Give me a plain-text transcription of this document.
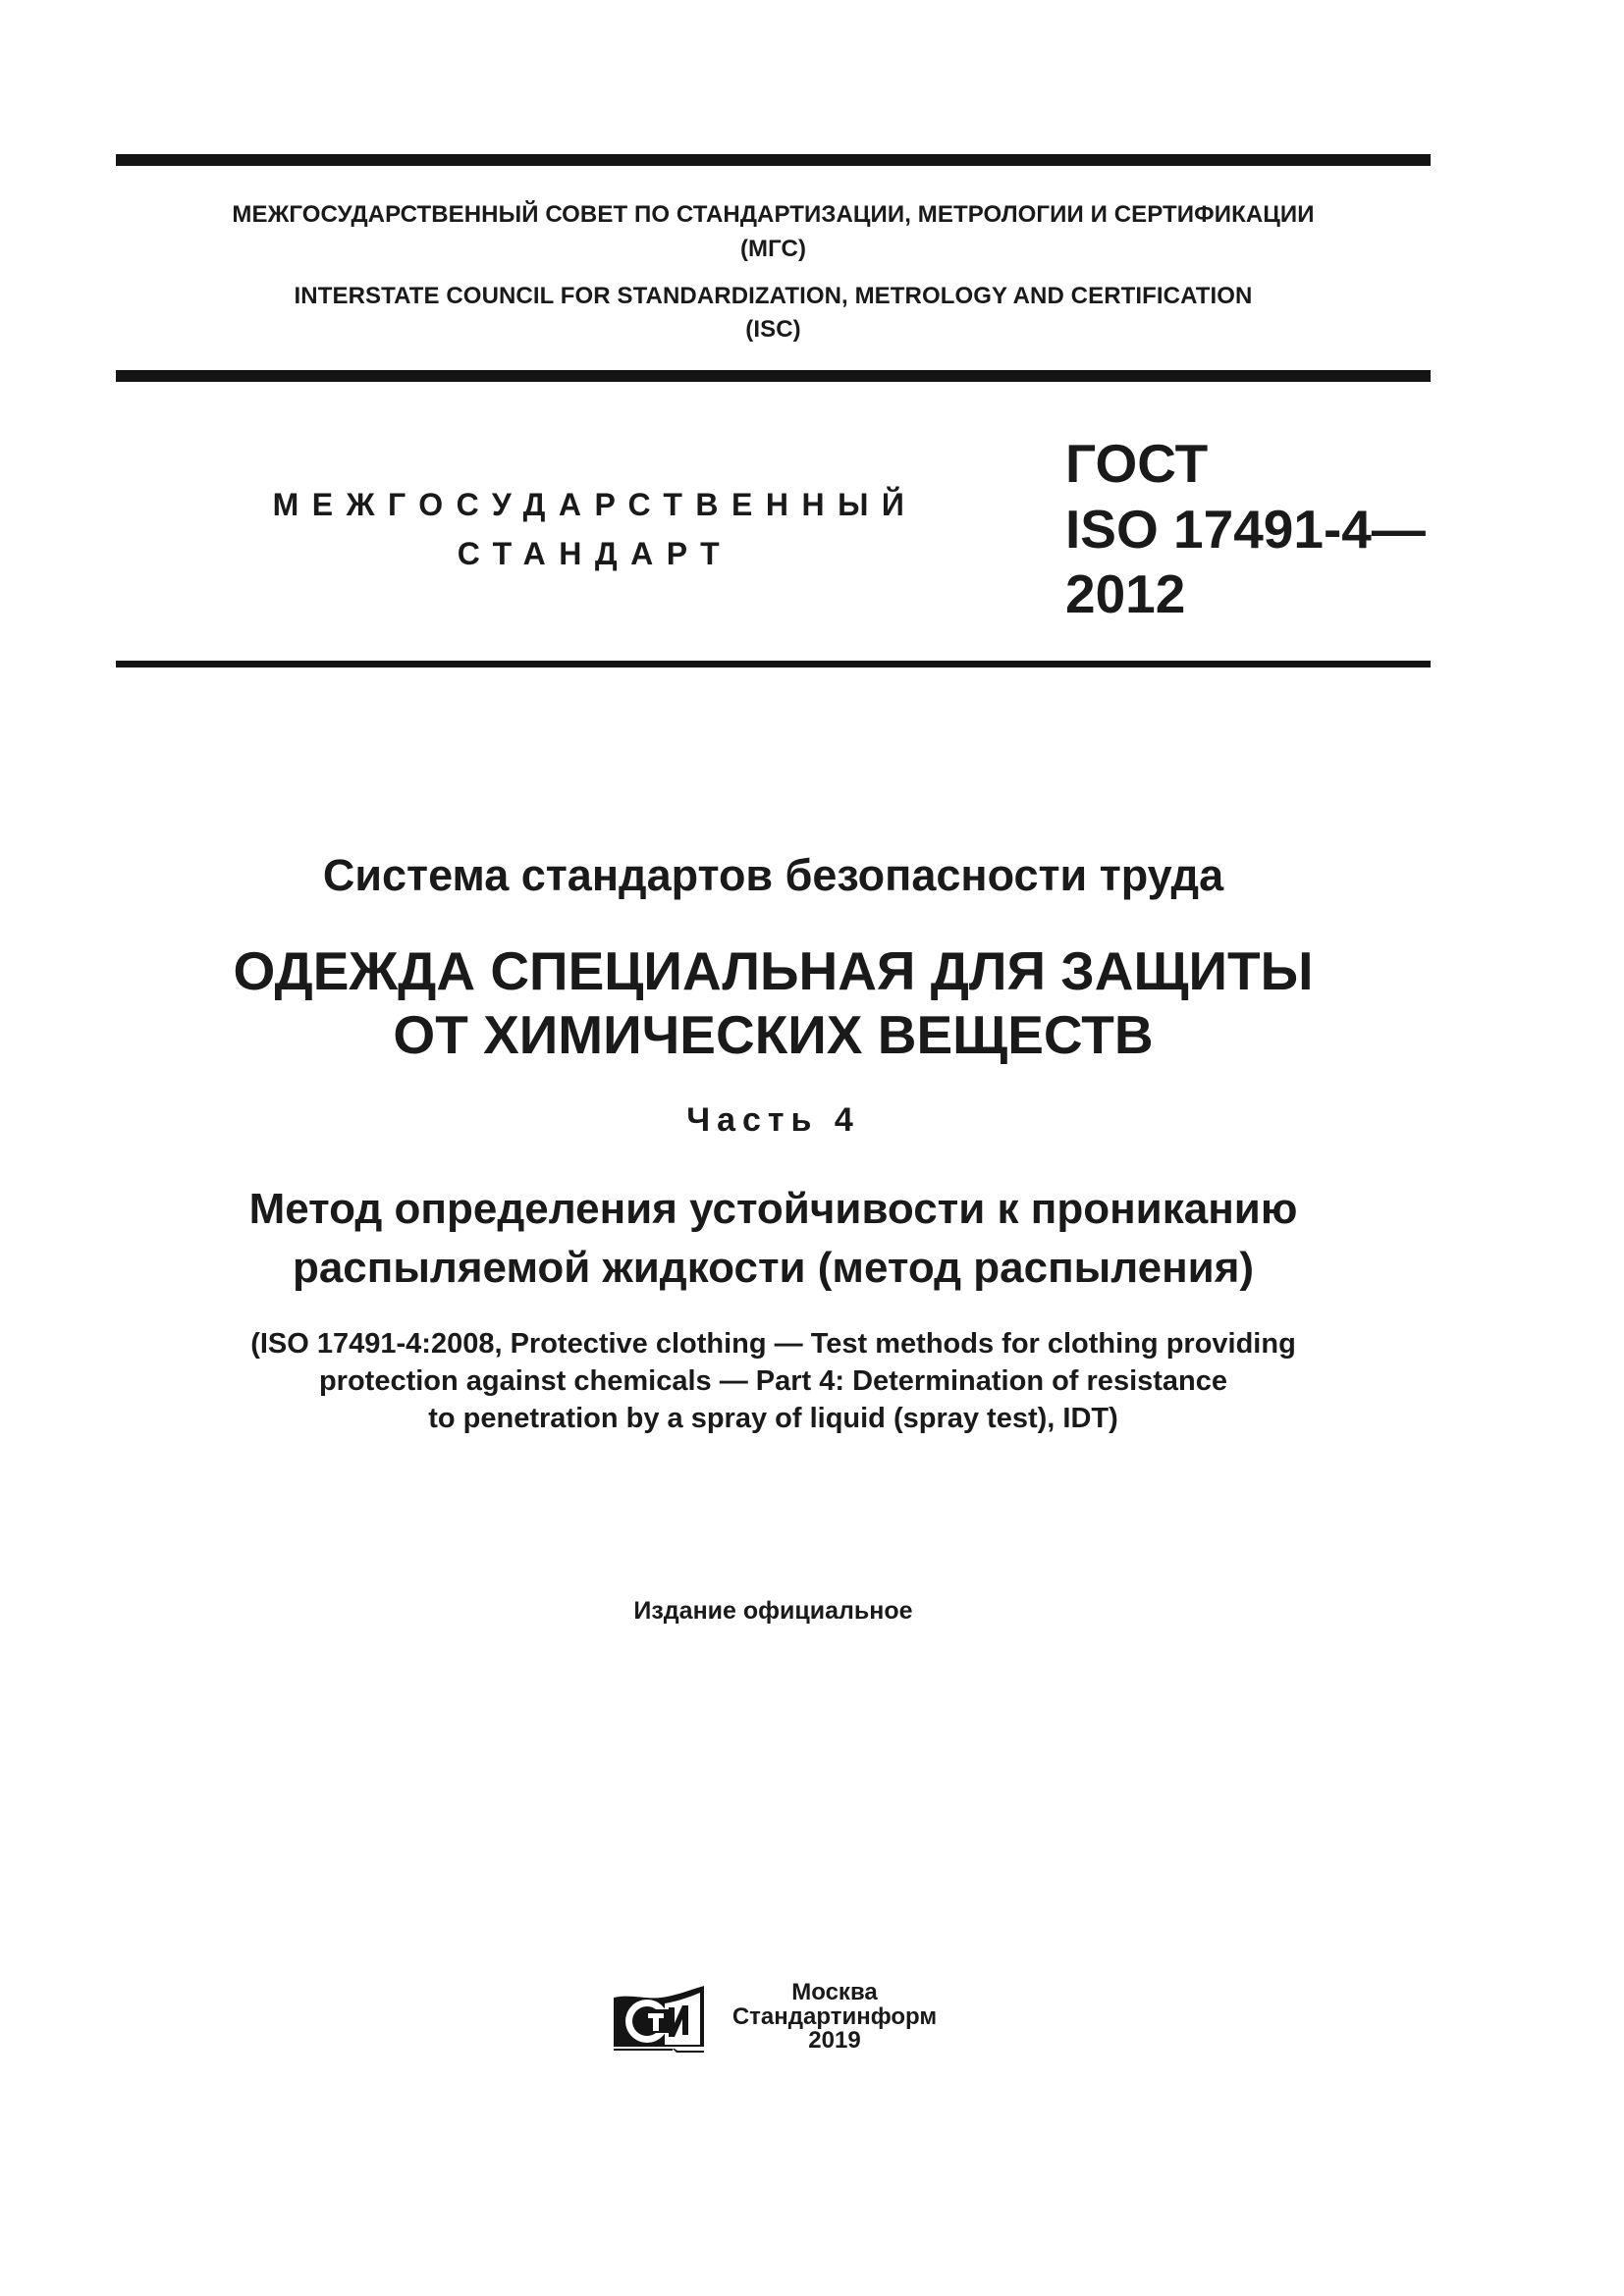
МЕЖГОСУДАРСТВЕННЫЙ СОВЕТ ПО СТАНДАРТИЗАЦИИ, МЕТРОЛОГИИ И СЕРТИФИКАЦИИ
(МГС)
INTERSTATE COUNCIL FOR STANDARDIZATION, METROLOGY AND CERTIFICATION
(ISC)
МЕЖГОСУДАРСТВЕННЫЙ
СТАНДАРТ
ГОСТ
ISO 17491-4—
2012
Система стандартов безопасности труда
ОДЕЖДА СПЕЦИАЛЬНАЯ ДЛЯ ЗАЩИТЫ
ОТ ХИМИЧЕСКИХ ВЕЩЕСТВ
Часть 4
Метод определения устойчивости к прониканию
распыляемой жидкости (метод распыления)
(ISO 17491-4:2008, Protective clothing — Test methods for clothing providing
protection against chemicals — Part 4: Determination of resistance
to penetration by a spray of liquid (spray test), IDT)
Издание официальное
Москва
Стандартинформ
2019
